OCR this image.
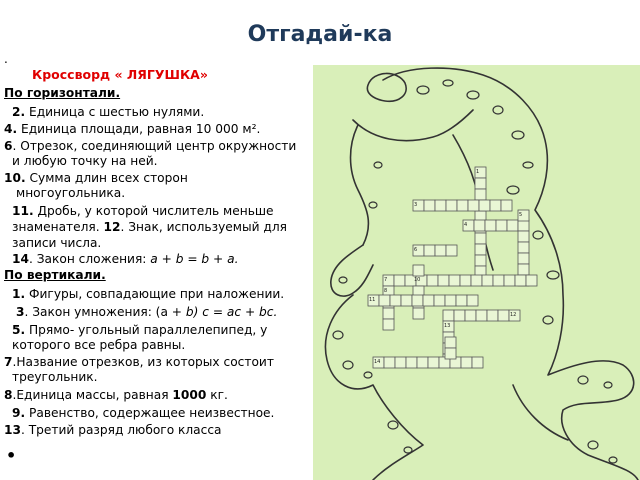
Отгадай-ка
.
Кроссворд « ЛЯГУШКА»
По горизонтали.
2. Единица с шестью нулями.
4. Единица площади, равная 10 000 м².
6. Отрезок, соединяющий центр окружности
и любую точку на ней.
10. Сумма длин всех сторон
многоугольника.
11. Дробь, у которой числитель меньше
знаменателя. 12. Знак, используемый для
записи числа.
14. Закон сложения: a + b = b + a.
По вертикали.
1. Фигуры, совпадающие при наложении.
3. Закон умножения: (a + b) c = ac + bc.
5. Прямо- угольный параллелепипед, у
которого все ребра равны.
7.Название отрезков, из которых состоит
треугольник.
8.Единица массы, равная 1000 кг.
9. Равенство, содержащее неизвестное.
13. Третий разряд любого класса
•
1
3
4
5
6
7
8
10
11
12
13
14
